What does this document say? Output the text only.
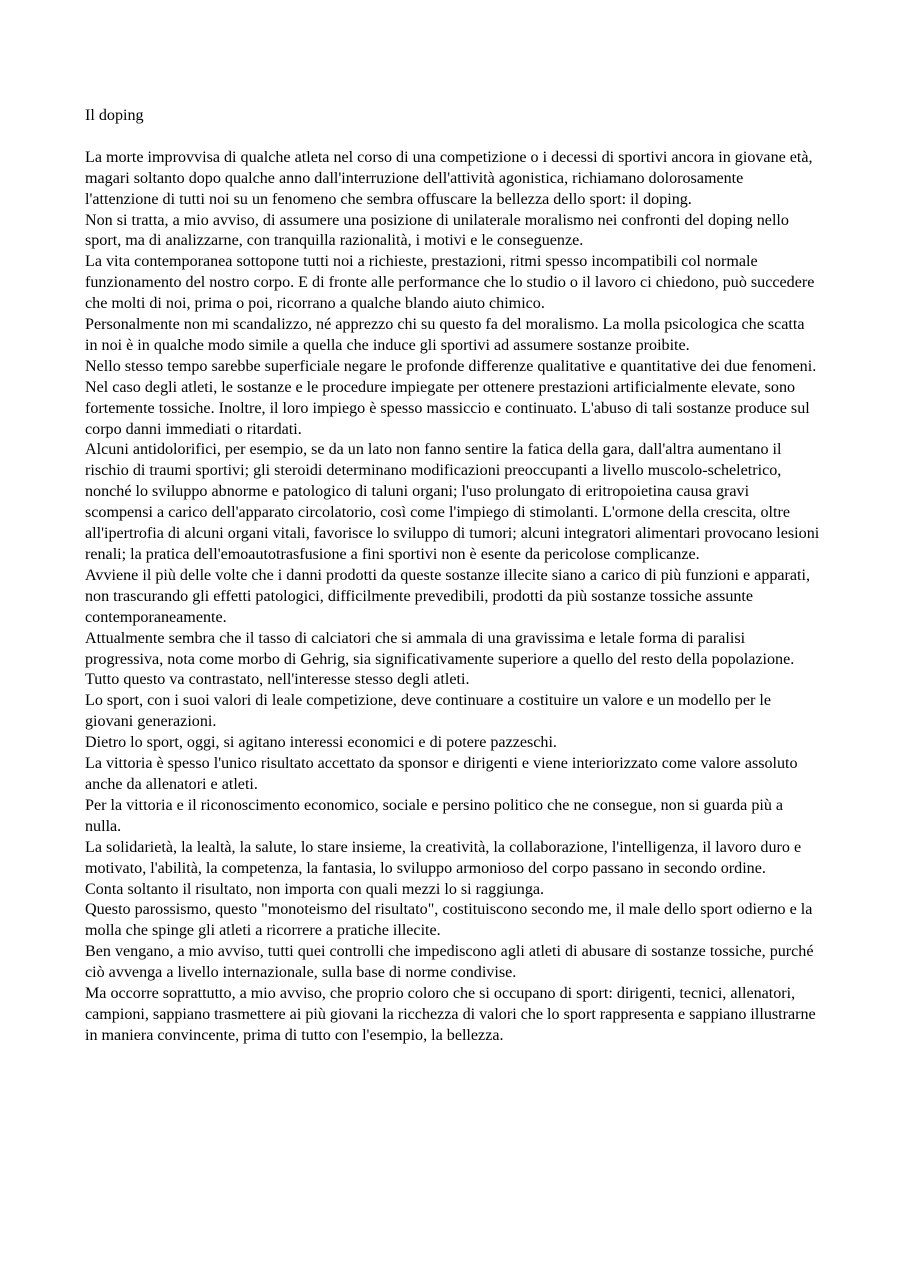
Il doping

La morte improvvisa di qualche atleta nel corso di una competizione o i decessi di sportivi ancora in giovane età, magari soltanto dopo qualche anno dall'interruzione dell'attività agonistica, richiamano dolorosamente l'attenzione di tutti noi su un fenomeno che sembra offuscare la bellezza dello sport: il doping.

Non si tratta, a mio avviso, di assumere una posizione di unilaterale moralismo nei confronti del doping nello sport, ma di analizzarne, con tranquilla razionalità, i motivi e le conseguenze.

La vita contemporanea sottopone tutti noi a richieste, prestazioni, ritmi spesso incompatibili col normale funzionamento del nostro corpo. E di fronte alle performance che lo studio o il lavoro ci chiedono, può succedere che molti di noi, prima o poi, ricorrano a qualche blando aiuto chimico.

Personalmente non mi scandalizzo, né apprezzo chi su questo fa del moralismo. La molla psicologica che scatta in noi è in qualche modo simile a quella che induce gli sportivi ad assumere sostanze proibite.

Nello stesso tempo sarebbe superficiale negare le profonde differenze qualitative e quantitative dei due fenomeni.

Nel caso degli atleti, le sostanze e le procedure impiegate per ottenere prestazioni artificialmente elevate, sono fortemente tossiche. Inoltre, il loro impiego è spesso massiccio e continuato. L'abuso di tali sostanze produce sul corpo danni immediati o ritardati.

Alcuni antidolorifici, per esempio, se da un lato non fanno sentire la fatica della gara, dall'altra aumentano il rischio di traumi sportivi; gli steroidi determinano modificazioni preoccupanti a livello muscolo-scheletrico, nonché lo sviluppo abnorme e patologico di taluni organi; l'uso prolungato di eritropoietina causa gravi scompensi a carico dell'apparato circolatorio, così come l'impiego di stimolanti. L'ormone della crescita, oltre all'ipertrofia di alcuni organi vitali, favorisce lo sviluppo di tumori; alcuni integratori alimentari provocano lesioni renali; la pratica dell'emoautotrasfusione a fini sportivi non è esente da pericolose complicanze.

Avviene il più delle volte che i danni prodotti da queste sostanze illecite siano a carico di più funzioni e apparati, non trascurando gli effetti patologici, difficilmente prevedibili, prodotti da più sostanze tossiche assunte contemporaneamente.

Attualmente sembra che il tasso di calciatori che si ammala di una gravissima e letale forma di paralisi progressiva, nota come morbo di Gehrig, sia significativamente superiore a quello del resto della popolazione.

Tutto questo va contrastato, nell'interesse stesso degli atleti.

Lo sport, con i suoi valori di leale competizione, deve continuare a costituire un valore e un modello per le giovani generazioni.

Dietro lo sport, oggi, si agitano interessi economici e di potere pazzeschi.

La vittoria è spesso l'unico risultato accettato da sponsor e dirigenti e viene interiorizzato come valore assoluto anche da allenatori e atleti.

Per la vittoria e il riconoscimento economico, sociale e persino politico che ne consegue, non si guarda più a nulla.

La solidarietà, la lealtà, la salute, lo stare insieme, la creatività, la collaborazione, l'intelligenza, il lavoro duro e motivato, l'abilità, la competenza, la fantasia, lo sviluppo armonioso del corpo passano in secondo ordine.

Conta soltanto il risultato, non importa con quali mezzi lo si raggiunga.

Questo parossismo, questo "monoteismo del risultato", costituiscono secondo me, il male dello sport odierno e la molla che spinge gli atleti a ricorrere a pratiche illecite.

Ben vengano, a mio avviso, tutti quei controlli che impediscono agli atleti di abusare di sostanze tossiche, purché ciò avvenga a livello internazionale, sulla base di norme condivise.

Ma occorre soprattutto, a mio avviso, che proprio coloro che si occupano di sport: dirigenti, tecnici, allenatori, campioni, sappiano trasmettere ai più giovani la ricchezza di valori che lo sport rappresenta e sappiano illustrarne in maniera convincente, prima di tutto con l'esempio, la bellezza.
